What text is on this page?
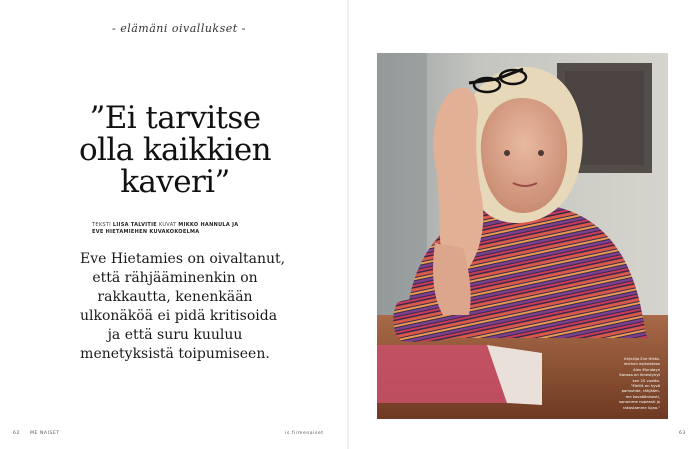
- elämäni oivallukset -
”Ei tarvitse
olla kaikkien
kaveri”
TEKSTI LIISA TALVITIE KUVAT MIKKO HANNULA JA
EVE HIETAMIEHEN KUVAKOKOELMA

Eve Hietamies on oivaltanut,
että rähjääminenkin on
rakkautta, kenenkään
ulkonäköä ei pidä kritisoida
ja että suru kuuluu
menetyksistä toipumiseen.

62 ME NAISET	is.fi/menaiset	63
Kirjailija Eve Hieta-
miehen esikoisteos
Alex Mundayn
Kanssa on ilmestynyt
sen 20 vuotta.
"Meillä on hyvä
parisuhde, rähjääm-
me kovaäänisesti,
sanomme nopeasti ja
rakastamme lujaa."
